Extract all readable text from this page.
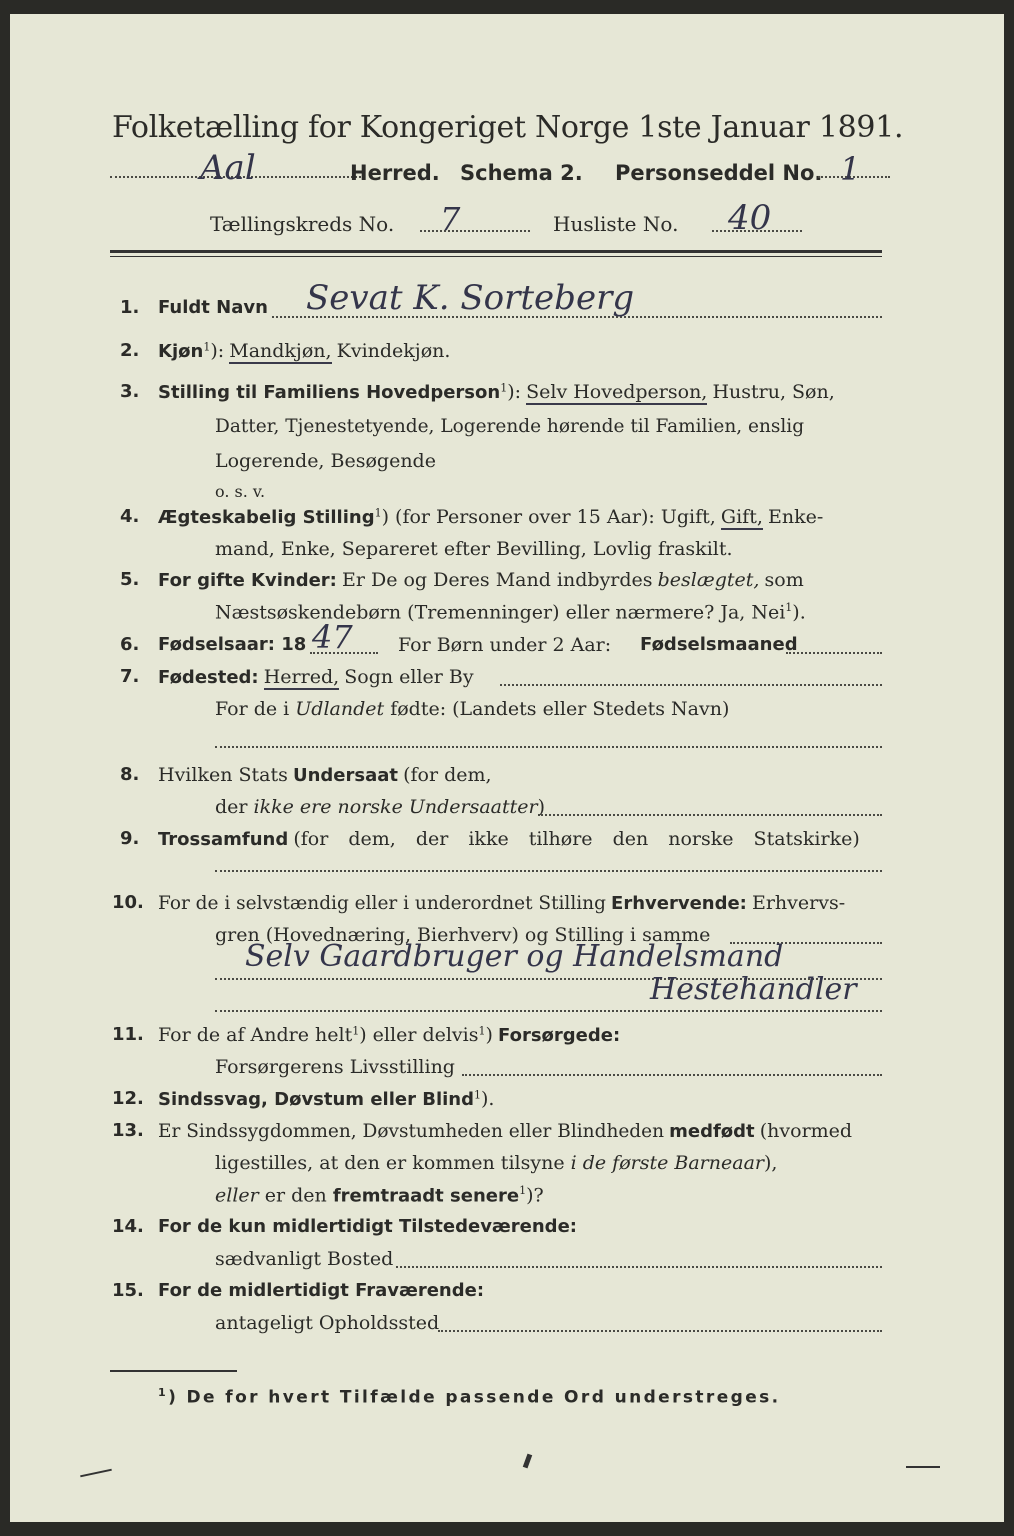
Folketælling for Kongeriget Norge 1ste Januar 1891.
Aal	Herred. Schema 2. Personseddel No. 1
Tællingskreds No. 7	Husliste No. 40
1. Fuldt Navn Sevat K. Sorteberg
2. Kjøn$^1$): Mandkjøn, Kvindekjøn.
3. Stilling til Familiens Hovedperson$^1$): Selv Hovedperson, Hustru, Søn,
Datter, Tjenestetyende, Logerende hørende til Familien, enslig
Logerende, Besøgende
o. s. v.
4. Ægteskabelig Stilling$^1$) (for Personer over 15 Aar): Ugift, Gift, Enke-
mand, Enke, Separeret efter Bevilling, Lovlig fraskilt.
5. For gifte Kvinder: Er De og Deres Mand indbyrdes beslægtet, som
Næstsøskendebørn (Tremenninger) eller nærmere? Ja, Nei$^1$).
6. Fødselsaar: 18 47 For Børn under 2 Aar: Fødselsmaaned
7. Fødested: Herred, Sogn eller By
For de i Udlandet fødte: (Landets eller Stedets Navn)
8. Hvilken Stats Undersaat (for dem,
der ikke ere norske Undersaatter)
9. Trossamfund (for dem, der ikke tilhøre den norske Statskirke)
10. For de i selvstændig eller i underordnet Stilling Erhvervende: Erhvervs-
gren (Hovednæring, Bierhverv) og Stilling i samme
Selv Gaardbruger og Handelsmand
Hestehandler
11. For de af Andre helt$^1$) eller delvis$^1$) Forsørgede:
Forsørgerens Livsstilling
12. Sindssvag, Døvstum eller Blind$^1$).
13. Er Sindssygdommen, Døvstumheden eller Blindheden medfødt (hvormed
ligestilles, at den er kommen tilsyne i de første Barneaar),
eller er den fremtraadt senere$^1$)?
14. For de kun midlertidigt Tilstedeværende:
sædvanligt Bosted
15. For de midlertidigt Fraværende:
antageligt Opholdssted
$^1$) De for hvert Tilfælde passende Ord understreges.
